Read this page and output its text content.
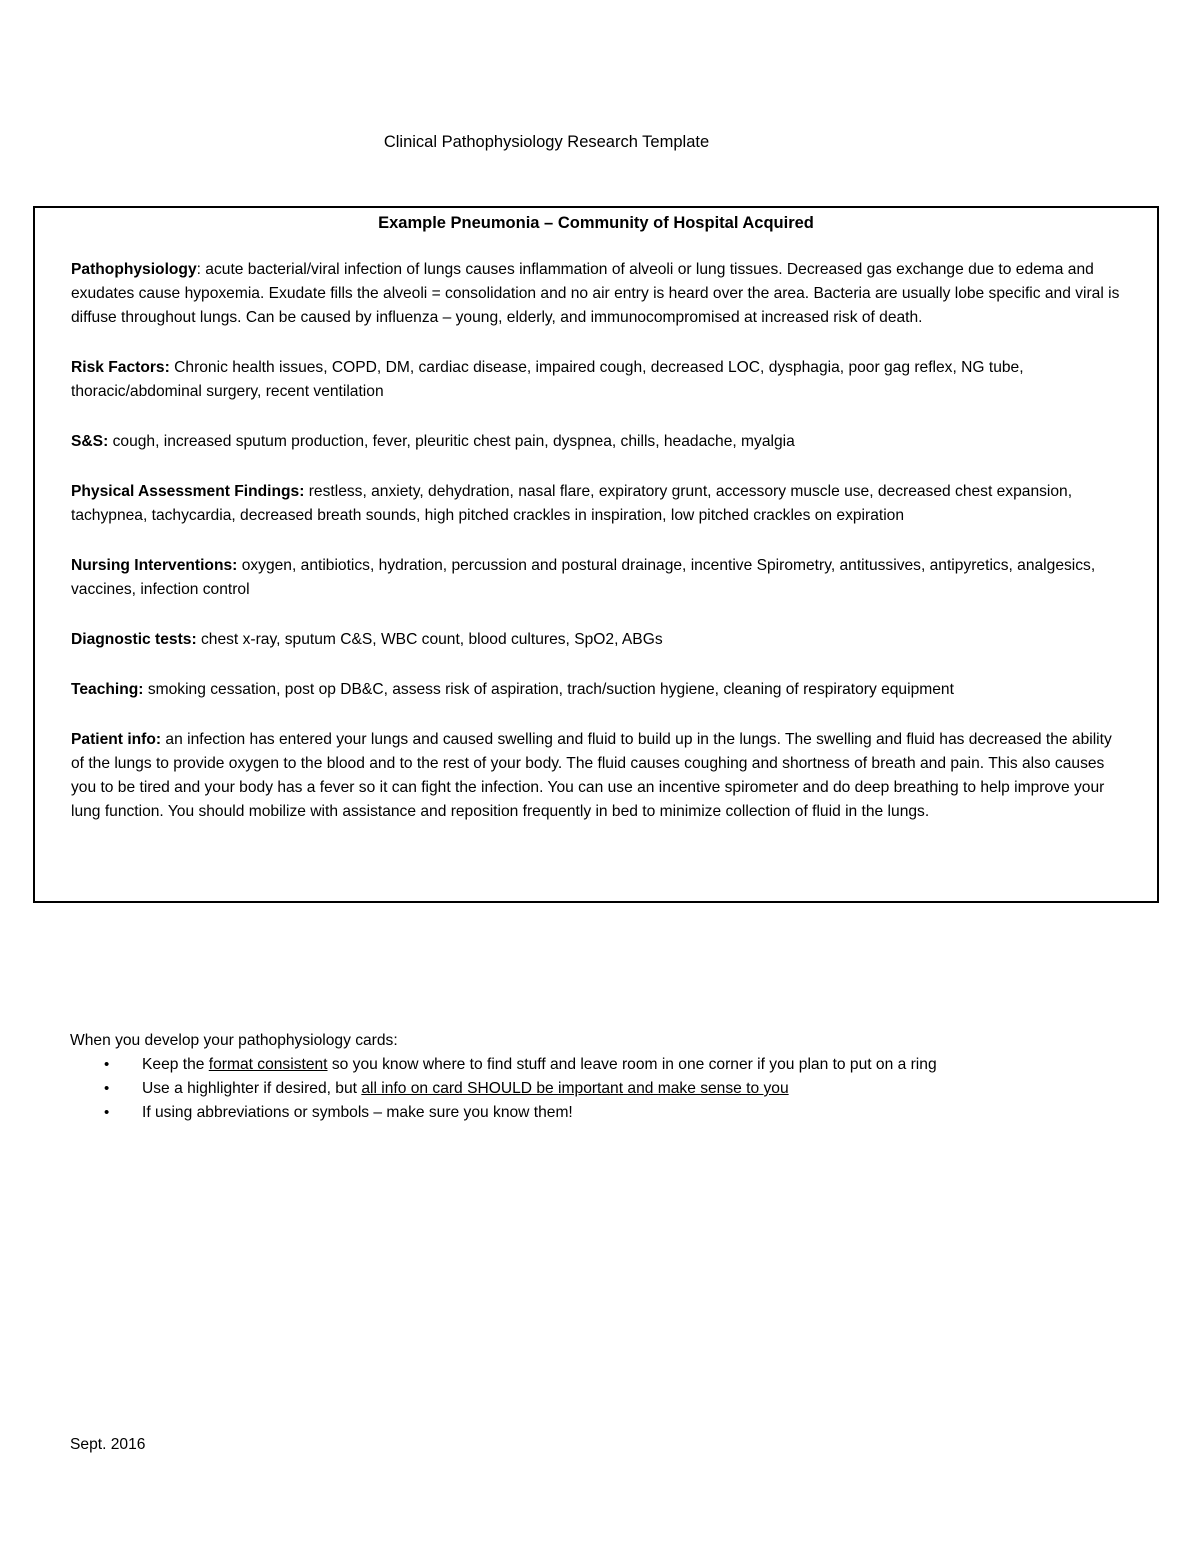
Clinical Pathophysiology Research Template
Example Pneumonia – Community of Hospital Acquired

Pathophysiology: acute bacterial/viral infection of lungs causes inflammation of alveoli or lung tissues. Decreased gas exchange due to edema and exudates cause hypoxemia. Exudate fills the alveoli = consolidation and no air entry is heard over the area. Bacteria are usually lobe specific and viral is diffuse throughout lungs. Can be caused by influenza – young, elderly, and immunocompromised at increased risk of death.

Risk Factors: Chronic health issues, COPD, DM, cardiac disease, impaired cough, decreased LOC, dysphagia, poor gag reflex, NG tube, thoracic/abdominal surgery, recent ventilation

S&S: cough, increased sputum production, fever, pleuritic chest pain, dyspnea, chills, headache, myalgia

Physical Assessment Findings: restless, anxiety, dehydration, nasal flare, expiratory grunt, accessory muscle use, decreased chest expansion, tachypnea, tachycardia, decreased breath sounds, high pitched crackles in inspiration, low pitched crackles on expiration

Nursing Interventions: oxygen, antibiotics, hydration, percussion and postural drainage, incentive Spirometry, antitussives, antipyretics, analgesics, vaccines, infection control

Diagnostic tests: chest x-ray, sputum C&S, WBC count, blood cultures, SpO2, ABGs

Teaching: smoking cessation, post op DB&C, assess risk of aspiration, trach/suction hygiene, cleaning of respiratory equipment

Patient info: an infection has entered your lungs and caused swelling and fluid to build up in the lungs. The swelling and fluid has decreased the ability of the lungs to provide oxygen to the blood and to the rest of your body. The fluid causes coughing and shortness of breath and pain. This also causes you to be tired and your body has a fever so it can fight the infection. You can use an incentive spirometer and do deep breathing to help improve your lung function. You should mobilize with assistance and reposition frequently in bed to minimize collection of fluid in the lungs.

When you develop your pathophysiology cards:
• Keep the format consistent so you know where to find stuff and leave room in one corner if you plan to put on a ring
• Use a highlighter if desired, but all info on card SHOULD be important and make sense to you
• If using abbreviations or symbols – make sure you know them!
Sept. 2016
